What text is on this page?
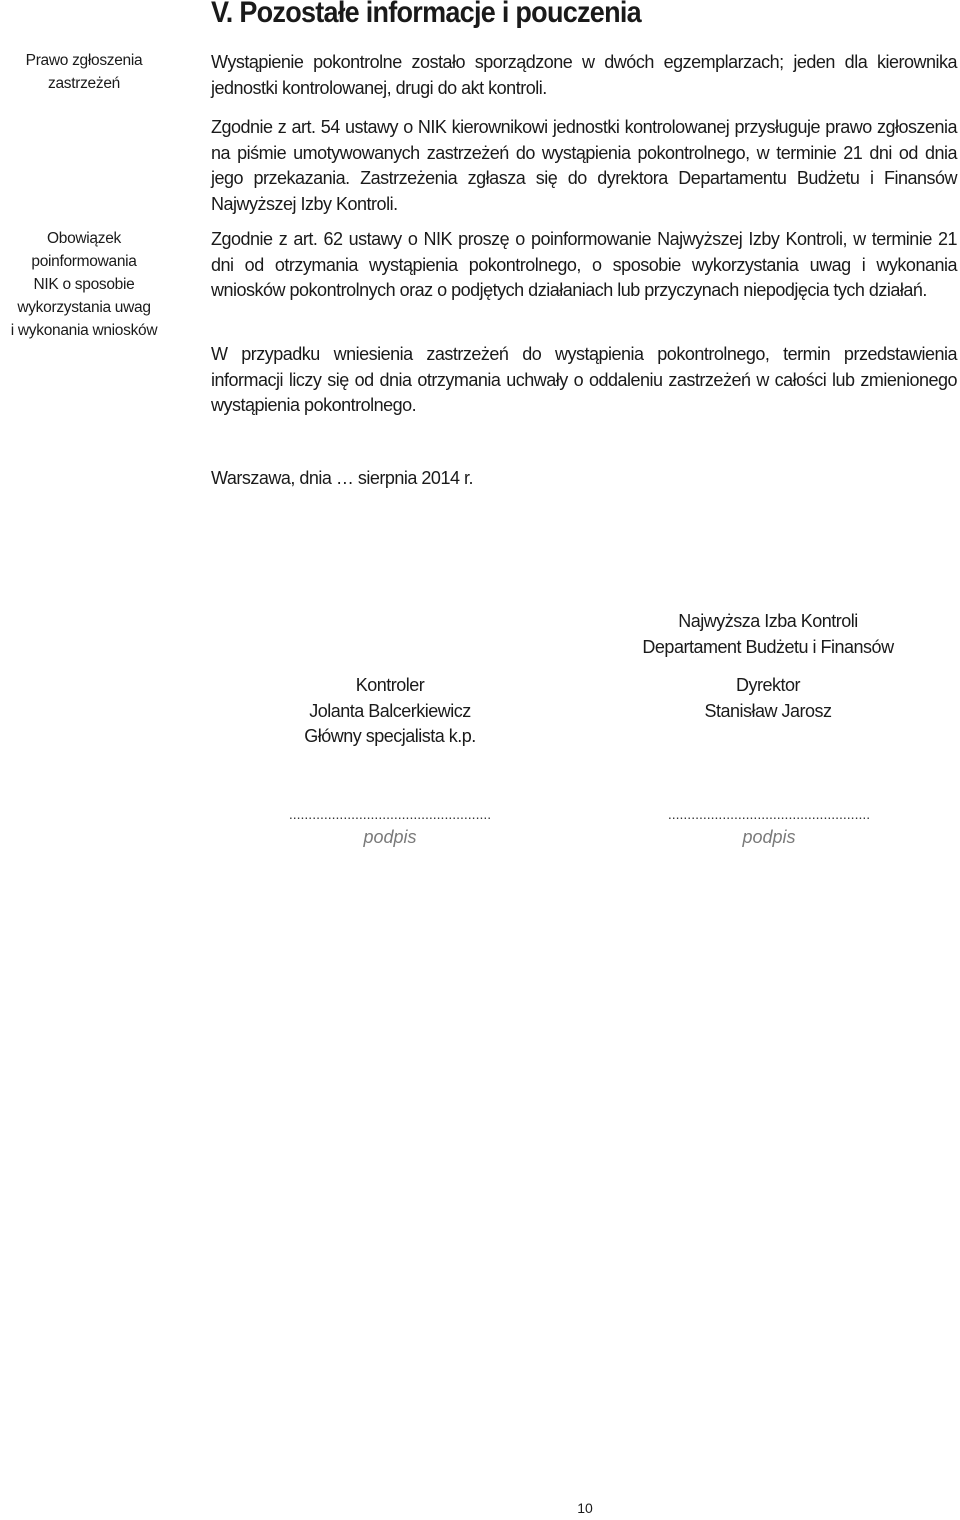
V. Pozostałe informacje i pouczenia
Prawo zgłoszenia
zastrzeżeń
Obowiązek
poinformowania
NIK o sposobie
wykorzystania uwag
i wykonania wniosków
Wystąpienie pokontrolne zostało sporządzone w dwóch egzemplarzach; jeden dla kierownika jednostki kontrolowanej, drugi do akt kontroli.
Zgodnie z art. 54 ustawy o NIK kierownikowi jednostki kontrolowanej przysługuje prawo zgłoszenia na piśmie umotywowanych zastrzeżeń do wystąpienia pokontrolnego, w terminie 21 dni od dnia jego przekazania. Zastrzeżenia zgłasza się do dyrektora Departamentu Budżetu i Finansów Najwyższej Izby Kontroli.
Zgodnie z art. 62 ustawy o NIK proszę o poinformowanie Najwyższej Izby Kontroli, w terminie 21 dni od otrzymania wystąpienia pokontrolnego, o sposobie wykorzystania uwag i wykonania wniosków pokontrolnych oraz o podjętych działaniach lub przyczynach niepodjęcia tych działań.
W przypadku wniesienia zastrzeżeń do wystąpienia pokontrolnego, termin przedstawienia informacji liczy się od dnia otrzymania uchwały o oddaleniu zastrzeżeń w całości lub zmienionego wystąpienia pokontrolnego.
Warszawa, dnia … sierpnia 2014 r.
Najwyższa Izba Kontroli
Departament Budżetu i Finansów
Kontroler
Jolanta Balcerkiewicz
Główny specjalista k.p.
Dyrektor
Stanisław Jarosz
....................................................
podpis
....................................................
podpis
10
